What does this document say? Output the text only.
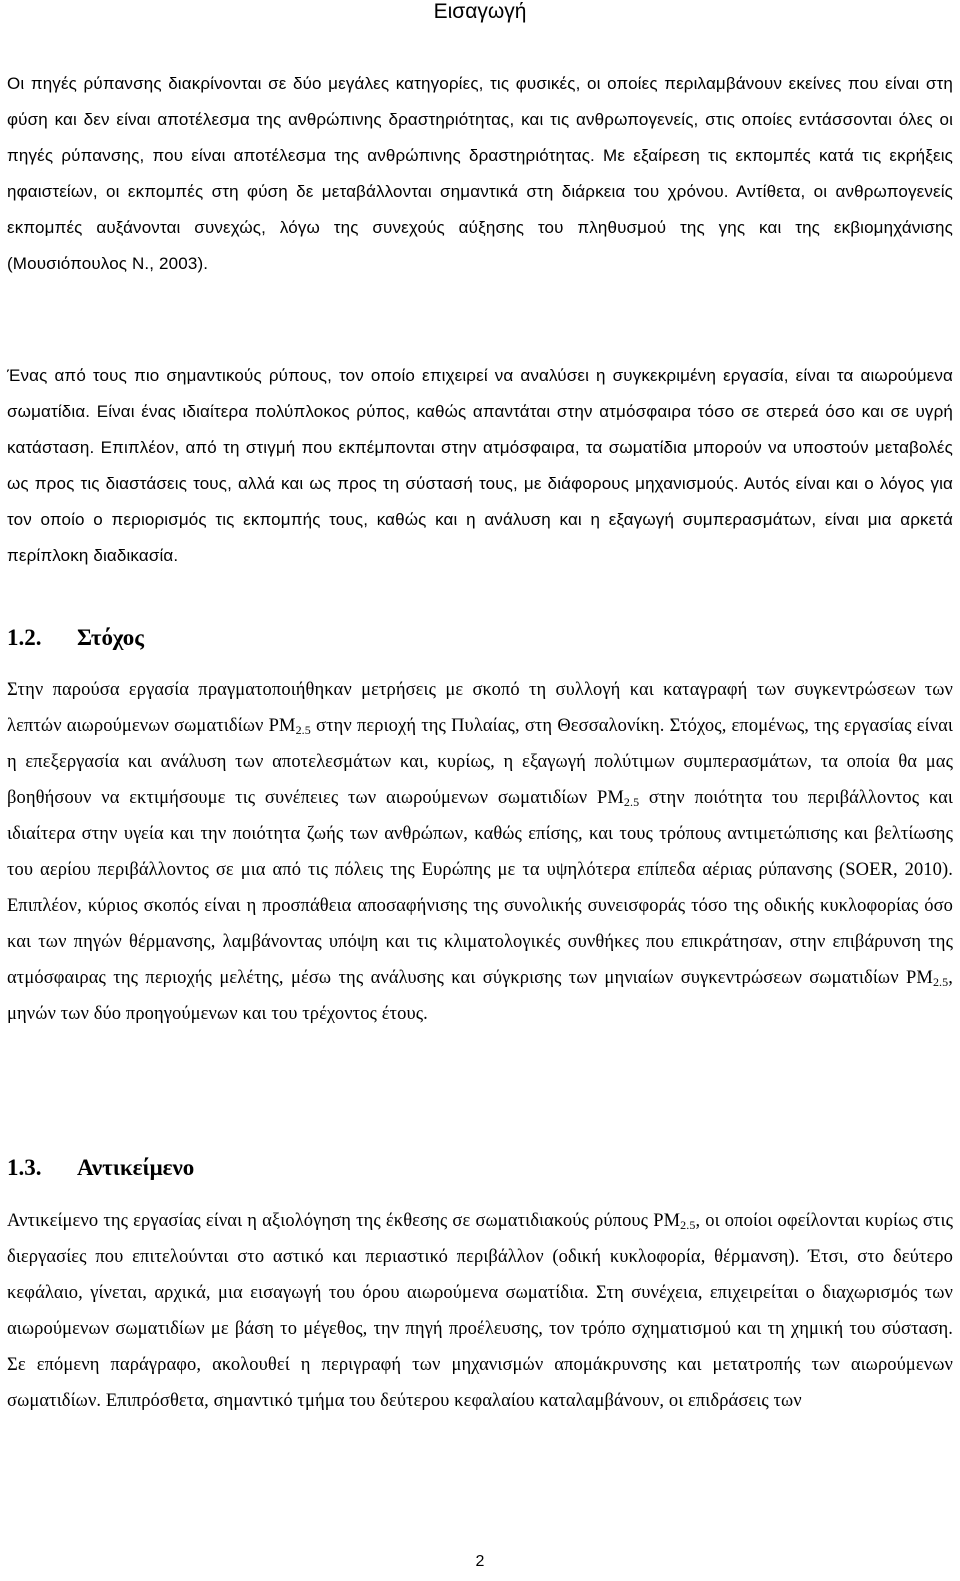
Εισαγωγή

Οι πηγές ρύπανσης διακρίνονται σε δύο μεγάλες κατηγορίες, τις φυσικές, οι οποίες περιλαμβάνουν εκείνες που είναι στη φύση και δεν είναι αποτέλεσμα της ανθρώπινης δραστηριότητας, και τις ανθρωπογενείς, στις οποίες εντάσσονται όλες οι πηγές ρύπανσης, που είναι αποτέλεσμα της ανθρώπινης δραστηριότητας. Με εξαίρεση τις εκπομπές κατά τις εκρήξεις ηφαιστείων, οι εκπομπές στη φύση δε μεταβάλλονται σημαντικά στη διάρκεια του χρόνου. Αντίθετα, οι ανθρωπογενείς εκπομπές αυξάνονται συνεχώς, λόγω της συνεχούς αύξησης του πληθυσμού της γης και της εκβιομηχάνισης (Μουσιόπουλος Ν., 2003).

Ένας από τους πιο σημαντικούς ρύπους, τον οποίο επιχειρεί να αναλύσει η συγκεκριμένη εργασία, είναι τα αιωρούμενα σωματίδια. Είναι ένας ιδιαίτερα πολύπλοκος ρύπος, καθώς απαντάται στην ατμόσφαιρα τόσο σε στερεά όσο και σε υγρή κατάσταση. Επιπλέον, από τη στιγμή που εκπέμπονται στην ατμόσφαιρα, τα σωματίδια μπορούν να υποστούν μεταβολές ως προς τις διαστάσεις τους, αλλά και ως προς τη σύστασή τους, με διάφορους μηχανισμούς. Αυτός είναι και ο λόγος για τον οποίο ο περιορισμός τις εκπομπής τους, καθώς και η ανάλυση και η εξαγωγή συμπερασμάτων, είναι μια αρκετά περίπλοκη διαδικασία.

1.2. Στόχος

Στην παρούσα εργασία πραγματοποιήθηκαν μετρήσεις με σκοπό τη συλλογή και καταγραφή των συγκεντρώσεων των λεπτών αιωρούμενων σωματιδίων $PM_{2.5}$ στην περιοχή της Πυλαίας, στη Θεσσαλονίκη. Στόχος, επομένως, της εργασίας είναι η επεξεργασία και ανάλυση των αποτελεσμάτων και, κυρίως, η εξαγωγή πολύτιμων συμπερασμάτων, τα οποία θα μας βοηθήσουν να εκτιμήσουμε τις συνέπειες των αιωρούμενων σωματιδίων $PM_{2.5}$ στην ποιότητα του περιβάλλοντος και ιδιαίτερα στην υγεία και την ποιότητα ζωής των ανθρώπων, καθώς επίσης, και τους τρόπους αντιμετώπισης και βελτίωσης του αερίου περιβάλλοντος σε μια από τις πόλεις της Ευρώπης με τα υψηλότερα επίπεδα αέριας ρύπανσης (SOER, 2010). Επιπλέον, κύριος σκοπός είναι η προσπάθεια αποσαφήνισης της συνολικής συνεισφοράς τόσο της οδικής κυκλοφορίας όσο και των πηγών θέρμανσης, λαμβάνοντας υπόψη και τις κλιματολογικές συνθήκες που επικράτησαν, στην επιβάρυνση της ατμόσφαιρας της περιοχής μελέτης, μέσω της ανάλυσης και σύγκρισης των μηνιαίων συγκεντρώσεων σωματιδίων $PM_{2.5}$, μηνών των δύο προηγούμενων και του τρέχοντος έτους.

1.3. Αντικείμενο

Αντικείμενο της εργασίας είναι η αξιολόγηση της έκθεσης σε σωματιδιακούς ρύπους $PM_{2.5}$, οι οποίοι οφείλονται κυρίως στις διεργασίες που επιτελούνται στο αστικό και περιαστικό περιβάλλον (οδική κυκλοφορία, θέρμανση). Έτσι, στο δεύτερο κεφάλαιο, γίνεται, αρχικά, μια εισαγωγή του όρου αιωρούμενα σωματίδια. Στη συνέχεια, επιχειρείται ο διαχωρισμός των αιωρούμενων σωματιδίων με βάση το μέγεθος, την πηγή προέλευσης, τον τρόπο σχηματισμού και τη χημική του σύσταση. Σε επόμενη παράγραφο, ακολουθεί η περιγραφή των μηχανισμών απομάκρυνσης και μετατροπής των αιωρούμενων σωματιδίων. Επιπρόσθετα, σημαντικό τμήμα του δεύτερου κεφαλαίου καταλαμβάνουν, οι επιδράσεις των

2
